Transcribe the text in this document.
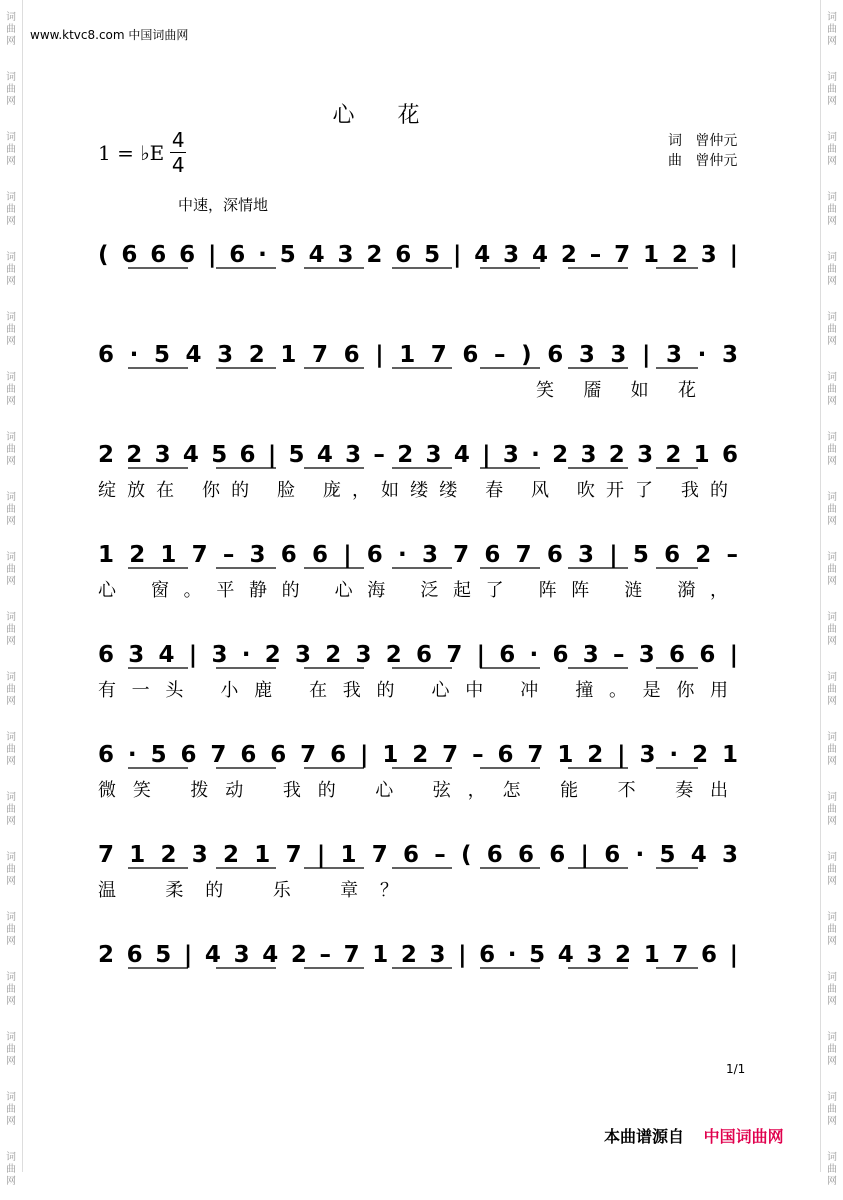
词
曲
网
词
曲
网
词
曲
网
词
曲
网
词
曲
网
词
曲
网
词
曲
网
词
曲
网
词
曲
网
词
曲
网
词
曲
网
词
曲
网
词
曲
网
词
曲
网
词
曲
网
词
曲
网
词
曲
网
词
曲
网
词
曲
网
词
曲
网
词
曲
网
词
曲
网
词
曲
网
词
曲
网
词
曲
网
词
曲
网
词
曲
网
词
曲
网
词
曲
网
词
曲
网
词
曲
网
词
曲
网
词
曲
网
词
曲
网
词
曲
网
词
曲
网
词
曲
网
词
曲
网
词
曲
网
词
曲
网
www.ktvc8.com 中国词曲网
心 花
1 = ♭E
4
4
词 曾仲元
曲 曾仲元
中速，深情地
( 6 6 6 | 6 · 5 4 3 2 6 5 | 4 3 4 2 – 7 1 2 3 |
6 · 5 4 3 2 1 7 6 | 1 7 6 – ) 6 3 3 | 3 · 3
笑 靥 如 花
2 2 3 4 5 6 | 5 4 3 – 2 3 4 | 3 · 2 3 2 3 2 1 6
绽放在 你的 脸 庞，如缕缕 春 风 吹开了 我的
1 2 1 7 – 3 6 6 | 6 · 3 7 6 7 6 3 | 5 6 2 –
心 窗。平静的 心海 泛起了 阵阵 涟 漪，
6 3 4 | 3 · 2 3 2 3 2 6 7 | 6 · 6 3 – 3 6 6 |
有一头 小鹿 在我的 心中 冲 撞。是你用
6 · 5 6 7 6 6 7 6 | 1 2 7 – 6 7 1 2 | 3 · 2 1
微笑 拨动 我的 心 弦，怎 能 不 奏出
7 1 2 3 2 1 7 | 1 7 6 – ( 6 6 6 | 6 · 5 4 3
温 柔的 乐 章？
2 6 5 | 4 3 4 2 – 7 1 2 3 | 6 · 5 4 3 2 1 7 6 |
1/1
本曲谱源自 中国词曲网
